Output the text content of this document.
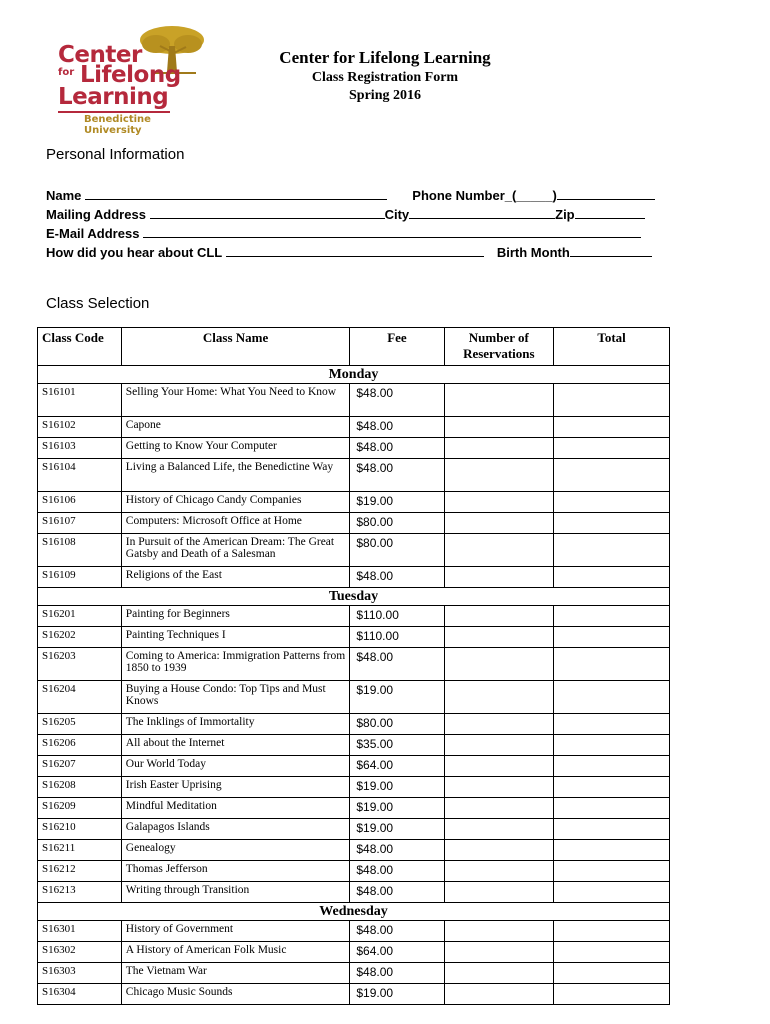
Center
for Lifelong
Learning
Benedictine
University
Center for Lifelong Learning
Class Registration Form
Spring 2016
Personal Information
Name	Phone Number_(_____)
Mailing Address	City	Zip
E-Mail Address
How did you hear about CLL	Birth Month
Class Selection
Class Code	Class Name	Fee	Number of Reservations	Total
Monday				
S16101	Selling Your Home: What You Need to Know	$48.00		
S16102	Capone	$48.00		
S16103	Getting to Know Your Computer	$48.00		
S16104	Living a Balanced Life, the Benedictine Way	$48.00		
S16106	History of Chicago Candy Companies	$19.00		
S16107	Computers: Microsoft Office at Home	$80.00		
S16108	In Pursuit of the American Dream: The Great Gatsby and Death of a Salesman	$80.00		
S16109	Religions of the East	$48.00		
Tuesday				
S16201	Painting for Beginners	$110.00		
S16202	Painting Techniques I	$110.00		
S16203	Coming to America: Immigration Patterns from 1850 to 1939	$48.00		
S16204	Buying a House Condo: Top Tips and Must Knows	$19.00		
S16205	The Inklings of Immortality	$80.00		
S16206	All about the Internet	$35.00		
S16207	Our World Today	$64.00		
S16208	Irish Easter Uprising	$19.00		
S16209	Mindful Meditation	$19.00		
S16210	Galapagos Islands	$19.00		
S16211	Genealogy	$48.00		
S16212	Thomas Jefferson	$48.00		
S16213	Writing through Transition	$48.00		
Wednesday				
S16301	History of Government	$48.00		
S16302	A History of American Folk Music	$64.00		
S16303	The Vietnam War	$48.00		
S16304	Chicago Music Sounds	$19.00		
